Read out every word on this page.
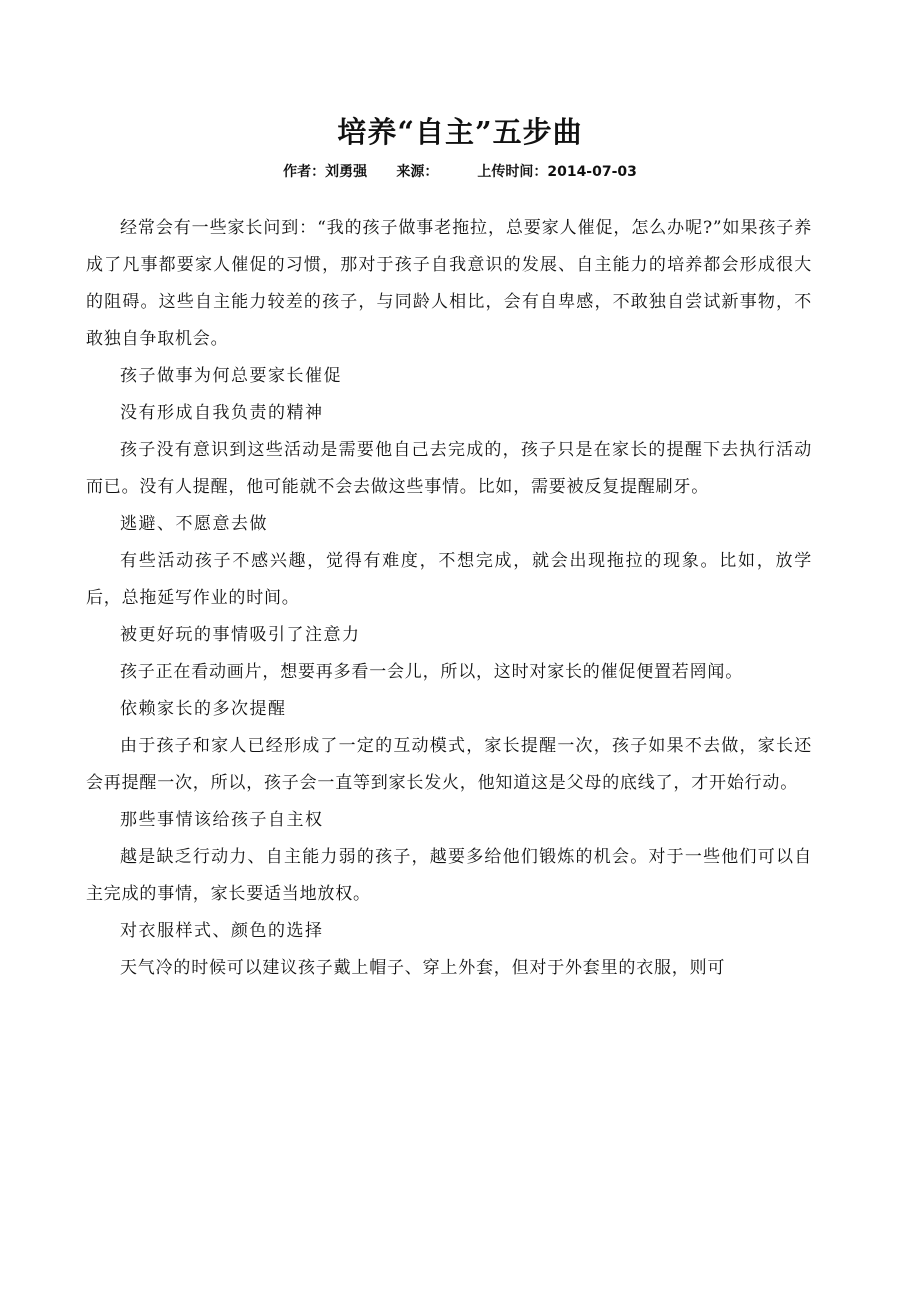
培养“自主”五步曲
作者：刘勇强 来源：	上传时间：2014-07-03

经常会有一些家长问到：“我的孩子做事老拖拉，总要家人催促，怎么办呢?”如果孩子养成了凡事都要家人催促的习惯，那对于孩子自我意识的发展、自主能力的培养都会形成很大的阻碍。这些自主能力较差的孩子，与同龄人相比，会有自卑感，不敢独自尝试新事物，不敢独自争取机会。

孩子做事为何总要家长催促

没有形成自我负责的精神

孩子没有意识到这些活动是需要他自己去完成的，孩子只是在家长的提醒下去执行活动而已。没有人提醒，他可能就不会去做这些事情。比如，需要被反复提醒刷牙。

逃避、不愿意去做

有些活动孩子不感兴趣，觉得有难度，不想完成，就会出现拖拉的现象。比如，放学后，总拖延写作业的时间。

被更好玩的事情吸引了注意力

孩子正在看动画片，想要再多看一会儿，所以，这时对家长的催促便置若罔闻。

依赖家长的多次提醒

由于孩子和家人已经形成了一定的互动模式，家长提醒一次，孩子如果不去做，家长还会再提醒一次，所以，孩子会一直等到家长发火，他知道这是父母的底线了，才开始行动。

那些事情该给孩子自主权

越是缺乏行动力、自主能力弱的孩子，越要多给他们锻炼的机会。对于一些他们可以自主完成的事情，家长要适当地放权。

对衣服样式、颜色的选择

天气冷的时候可以建议孩子戴上帽子、穿上外套，但对于外套里的衣服，则可
